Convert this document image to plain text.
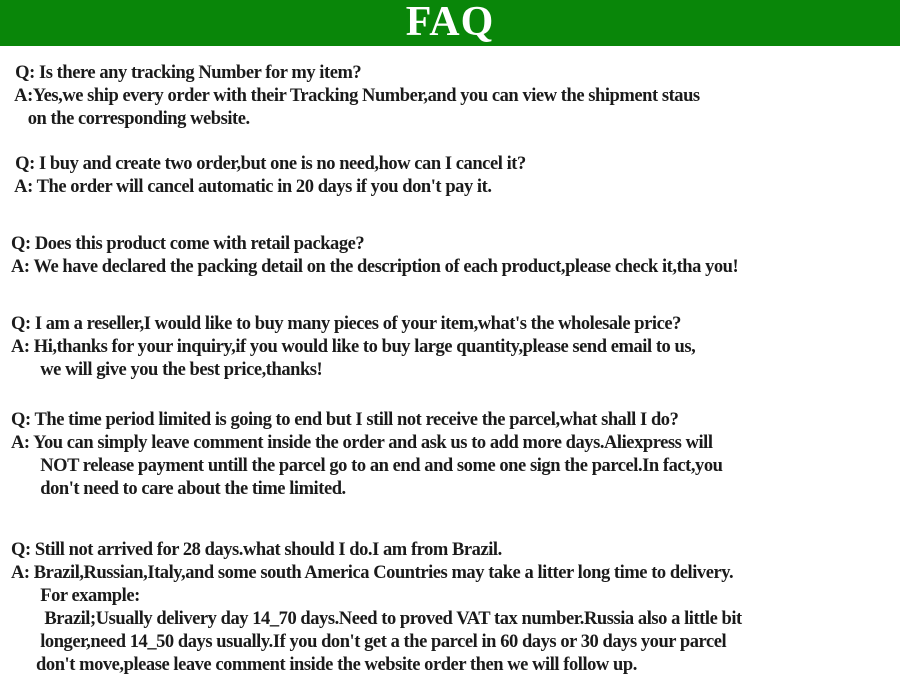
FAQ
Q: Is there any tracking Number for my item?
A:Yes,we ship every order with their Tracking Number,and you can view the shipment staus
on the corresponding website.
Q: I buy and create two order,but one is no need,how can I cancel it?
A: The order will cancel automatic in 20 days if you don't pay it.
Q: Does this product come with retail package?
A: We have declared the packing detail on the description of each product,please check it,tha you!
Q: I am a reseller,I would like to buy many pieces of your item,what's the wholesale price?
A: Hi,thanks for your inquiry,if you would like to buy large quantity,please send email to us,
we will give you the best price,thanks!
Q: The time period limited is going to end but I still not receive the parcel,what shall I do?
A: You can simply leave comment inside the order and ask us to add more days.Aliexpress will
NOT release payment untill the parcel go to an end and some one sign the parcel.In fact,you
don't need to care about the time limited.
Q: Still not arrived for 28 days.what should I do.I am from Brazil.
A: Brazil,Russian,Italy,and some south America Countries may take a litter long time to delivery.
For example:
Brazil;Usually delivery day 14_70 days.Need to proved VAT tax number.Russia also a little bit
longer,need 14_50 days usually.If you don't get a the parcel in 60 days or 30 days your parcel
don't move,please leave comment inside the website order then we will follow up.
